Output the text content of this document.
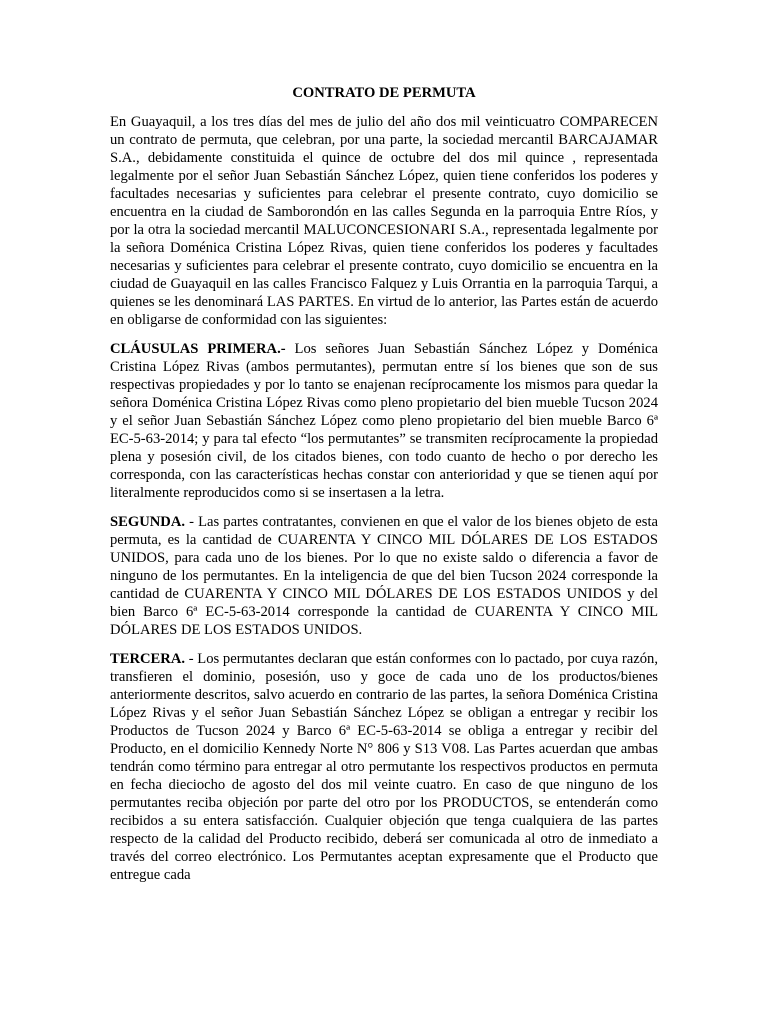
CONTRATO DE PERMUTA

En Guayaquil, a los tres días del mes de julio del año dos mil veinticuatro COMPARECEN un contrato de permuta, que celebran, por una parte, la sociedad mercantil BARCAJAMAR S.A., debidamente constituida el quince de octubre del dos mil quince , representada legalmente por el señor Juan Sebastián Sánchez López, quien tiene conferidos los poderes y facultades necesarias y suficientes para celebrar el presente contrato, cuyo domicilio se encuentra en la ciudad de Samborondón en las calles Segunda en la parroquia Entre Ríos, y por la otra la sociedad mercantil MALUCONCESIONARI S.A., representada legalmente por la señora Doménica Cristina López Rivas, quien tiene conferidos los poderes y facultades necesarias y suficientes para celebrar el presente contrato, cuyo domicilio se encuentra en la ciudad de Guayaquil en las calles Francisco Falquez y Luis Orrantia en la parroquia Tarqui, a quienes se les denominará LAS PARTES. En virtud de lo anterior, las Partes están de acuerdo en obligarse de conformidad con las siguientes:

CLÁUSULAS PRIMERA.- Los señores Juan Sebastián Sánchez López y Doménica Cristina López Rivas (ambos permutantes), permutan entre sí los bienes que son de sus respectivas propiedades y por lo tanto se enajenan recíprocamente los mismos para quedar la señora Doménica Cristina López Rivas como pleno propietario del bien mueble Tucson 2024 y el señor Juan Sebastián Sánchez López como pleno propietario del bien mueble Barco 6ª EC-5-63-2014; y para tal efecto “los permutantes” se transmiten recíprocamente la propiedad plena y posesión civil, de los citados bienes, con todo cuanto de hecho o por derecho les corresponda, con las características hechas constar con anterioridad y que se tienen aquí por literalmente reproducidos como si se insertasen a la letra.

SEGUNDA. - Las partes contratantes, convienen en que el valor de los bienes objeto de esta permuta, es la cantidad de CUARENTA Y CINCO MIL DÓLARES DE LOS ESTADOS UNIDOS, para cada uno de los bienes. Por lo que no existe saldo o diferencia a favor de ninguno de los permutantes. En la inteligencia de que del bien Tucson 2024 corresponde la cantidad de CUARENTA Y CINCO MIL DÓLARES DE LOS ESTADOS UNIDOS y del bien Barco 6ª EC-5-63-2014 corresponde la cantidad de CUARENTA Y CINCO MIL DÓLARES DE LOS ESTADOS UNIDOS.

TERCERA. - Los permutantes declaran que están conformes con lo pactado, por cuya razón, transfieren el dominio, posesión, uso y goce de cada uno de los productos/bienes anteriormente descritos, salvo acuerdo en contrario de las partes, la señora Doménica Cristina López Rivas y el señor Juan Sebastián Sánchez López se obligan a entregar y recibir los Productos de Tucson 2024 y Barco 6ª EC-5-63-2014 se obliga a entregar y recibir del Producto, en el domicilio Kennedy Norte N° 806 y S13 V08. Las Partes acuerdan que ambas tendrán como término para entregar al otro permutante los respectivos productos en permuta en fecha dieciocho de agosto del dos mil veinte cuatro. En caso de que ninguno de los permutantes reciba objeción por parte del otro por los PRODUCTOS, se entenderán como recibidos a su entera satisfacción. Cualquier objeción que tenga cualquiera de las partes respecto de la calidad del Producto recibido, deberá ser comunicada al otro de inmediato a través del correo electrónico. Los Permutantes aceptan expresamente que el Producto que entregue cada
